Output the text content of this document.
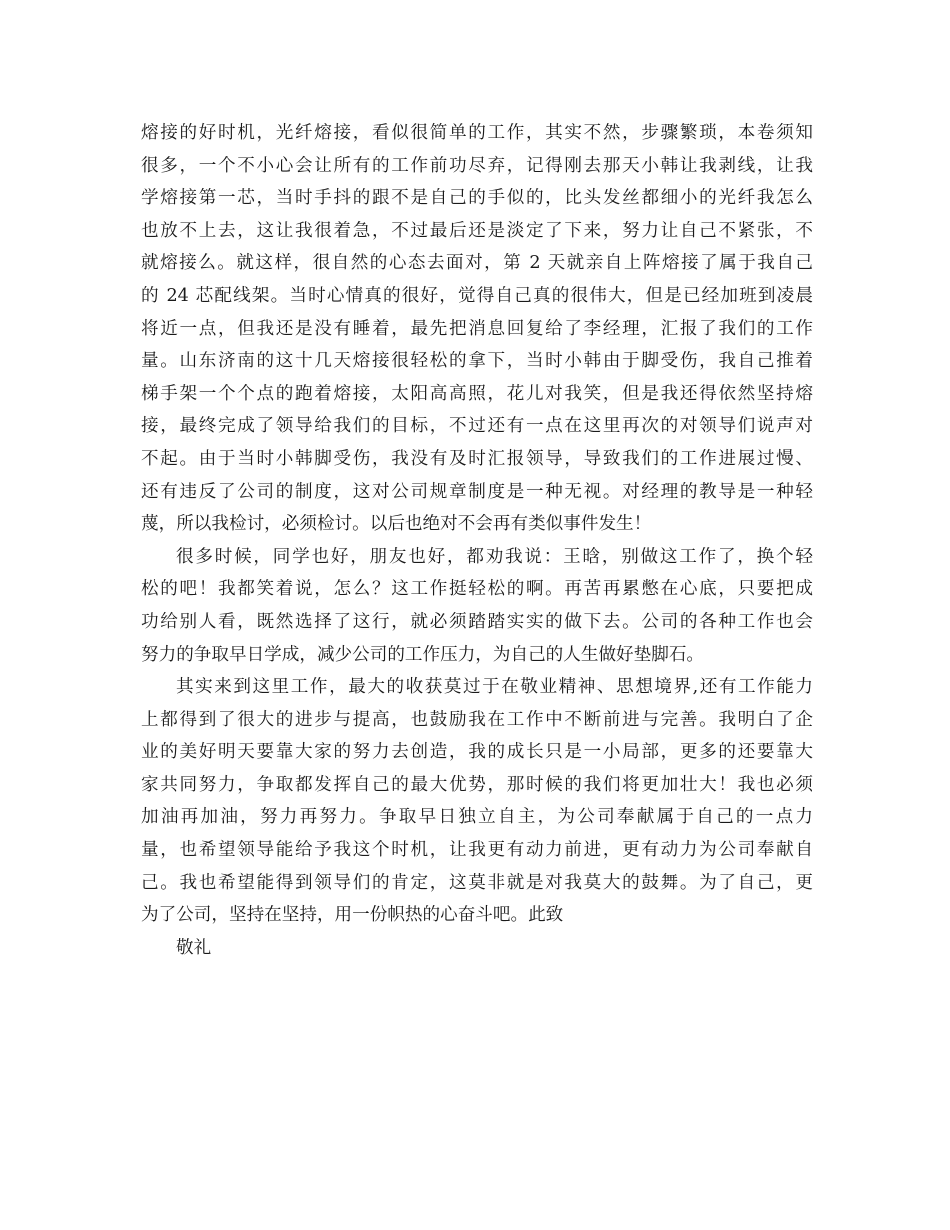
熔接的好时机，光纤熔接，看似很简单的工作，其实不然，步骤繁琐，本卷须知
很多，一个不小心会让所有的工作前功尽弃，记得刚去那天小韩让我剥线，让我
学熔接第一芯，当时手抖的跟不是自己的手似的，比头发丝都细小的光纤我怎么
也放不上去，这让我很着急，不过最后还是淡定了下来，努力让自己不紧张，不
就熔接么。就这样，很自然的心态去面对，第 2 天就亲自上阵熔接了属于我自己
的 24 芯配线架。当时心情真的很好，觉得自己真的很伟大，但是已经加班到凌晨
将近一点，但我还是没有睡着，最先把消息回复给了李经理，汇报了我们的工作
量。山东济南的这十几天熔接很轻松的拿下，当时小韩由于脚受伤，我自己推着
梯手架一个个点的跑着熔接，太阳高高照，花儿对我笑，但是我还得依然坚持熔
接，最终完成了领导给我们的目标，不过还有一点在这里再次的对领导们说声对
不起。由于当时小韩脚受伤，我没有及时汇报领导，导致我们的工作进展过慢、
还有违反了公司的制度，这对公司规章制度是一种无视。对经理的教导是一种轻
蔑，所以我检讨，必须检讨。以后也绝对不会再有类似事件发生！
很多时候，同学也好，朋友也好，都劝我说：王晗，别做这工作了，换个轻
松的吧！我都笑着说，怎么？这工作挺轻松的啊。再苦再累憋在心底，只要把成
功给别人看，既然选择了这行，就必须踏踏实实的做下去。公司的各种工作也会
努力的争取早日学成，减少公司的工作压力，为自己的人生做好垫脚石。
其实来到这里工作，最大的收获莫过于在敬业精神、思想境界,还有工作能力
上都得到了很大的进步与提高，也鼓励我在工作中不断前进与完善。我明白了企
业的美好明天要靠大家的努力去创造，我的成长只是一小局部，更多的还要靠大
家共同努力，争取都发挥自己的最大优势，那时候的我们将更加壮大！我也必须
加油再加油，努力再努力。争取早日独立自主，为公司奉献属于自己的一点力
量，也希望领导能给予我这个时机，让我更有动力前进，更有动力为公司奉献自
己。我也希望能得到领导们的肯定，这莫非就是对我莫大的鼓舞。为了自己，更
为了公司，坚持在坚持，用一份帜热的心奋斗吧。此致
敬礼
